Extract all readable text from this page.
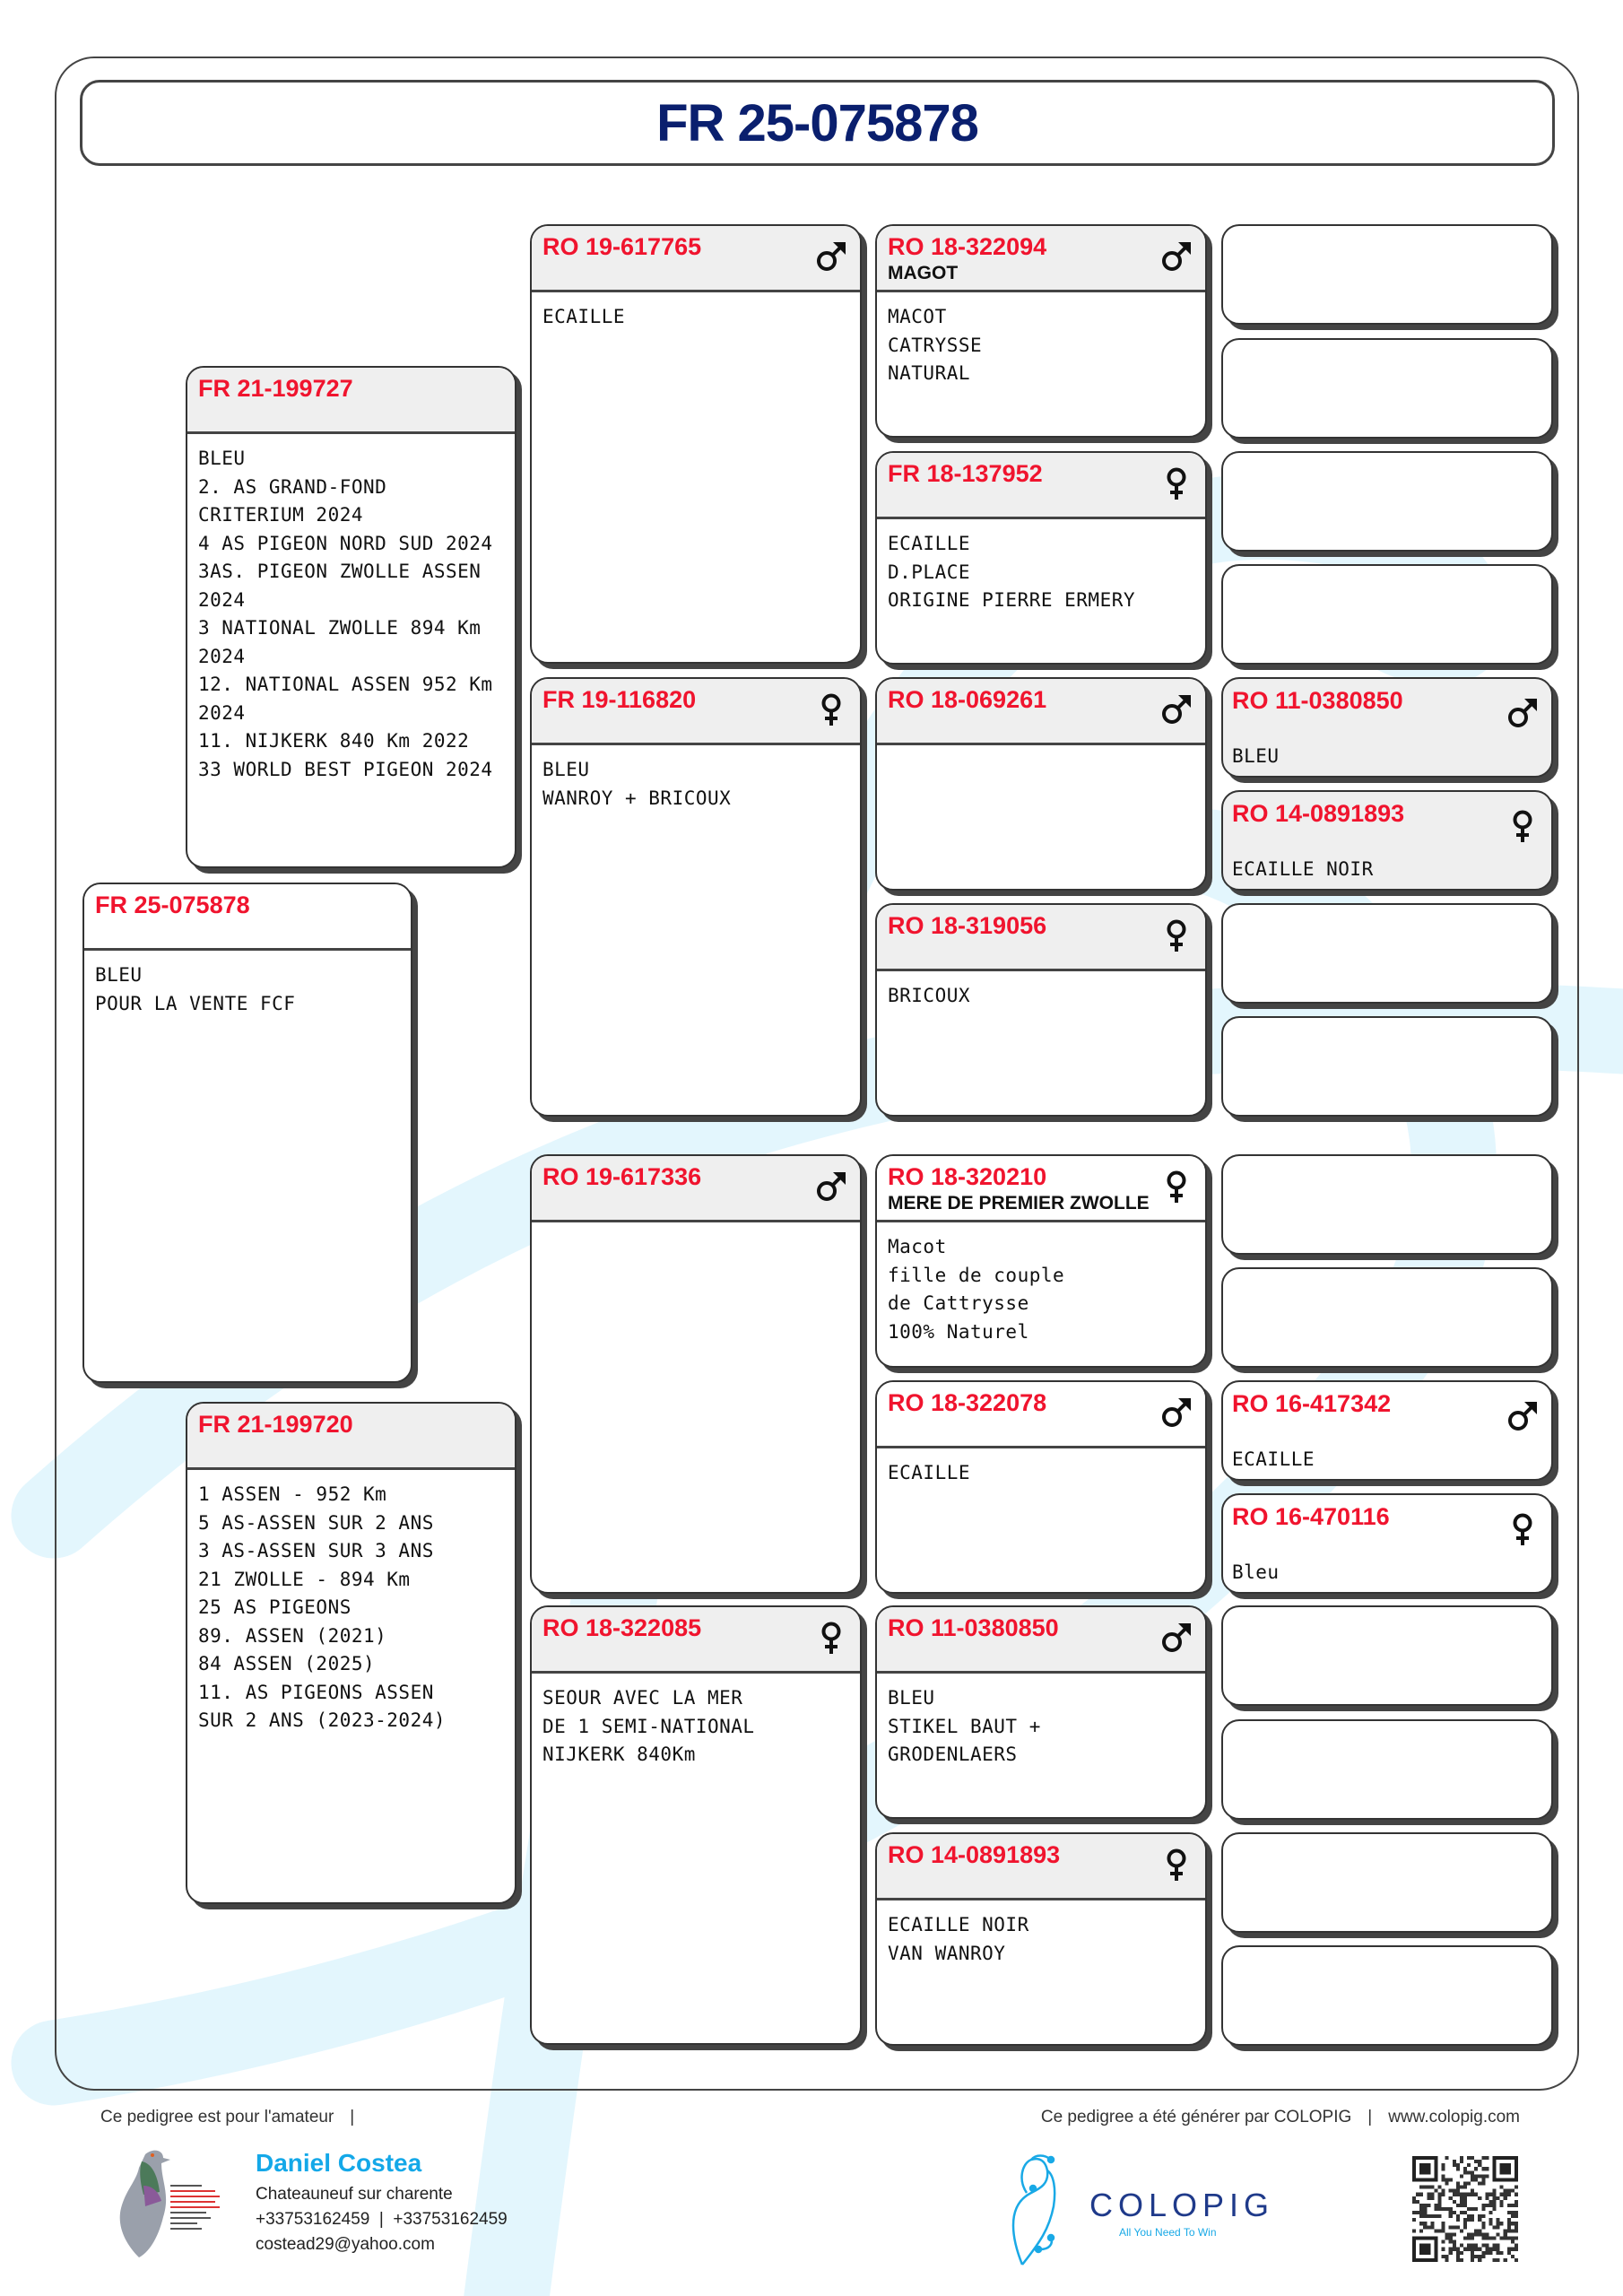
FR 25-075878
FR 25-075878
BLEU
POUR LA VENTE FCF
FR 21-199727
BLEU
2. AS GRAND-FOND
CRITERIUM 2024
4 AS PIGEON NORD SUD 2024
3AS. PIGEON ZWOLLE ASSEN
2024
3 NATIONAL ZWOLLE 894 Km
2024
12. NATIONAL ASSEN 952 Km
2024
11. NIJKERK 840 Km 2022
33 WORLD BEST PIGEON 2024
FR 21-199720
1 ASSEN - 952 Km
5 AS-ASSEN SUR 2 ANS
3 AS-ASSEN SUR 3 ANS
21 ZWOLLE - 894 Km
25 AS PIGEONS
89. ASSEN (2021)
84 ASSEN (2025)
11. AS PIGEONS ASSEN
SUR 2 ANS (2023-2024)
RO 19-617765
ECAILLE
FR 19-116820
BLEU
WANROY + BRICOUX
RO 19-617336
RO 18-322085
SEOUR AVEC LA MER
DE 1 SEMI-NATIONAL
NIJKERK 840Km
RO 18-322094
MAGOT
MACOT
CATRYSSE
NATURAL
FR 18-137952
ECAILLE
D.PLACE
ORIGINE PIERRE ERMERY
RO 18-069261
RO 18-319056
BRICOUX
RO 18-320210
MERE DE PREMIER ZWOLLE
Macot
fille de couple
de Cattrysse
100% Naturel
RO 18-322078
ECAILLE
RO 11-0380850
BLEU
STIKEL BAUT +
GRODENLAERS
RO 14-0891893
ECAILLE NOIR
VAN WANROY
RO 11-0380850
BLEU
RO 14-0891893
ECAILLE NOIR
RO 16-417342
ECAILLE
RO 16-470116
Bleu
Ce pedigree est pour l'amateur |	Ce pedigree a été générer par COLOPIG | www.colopig.com
Daniel Costea
Chateauneuf sur charente
+33753162459  |  +33753162459
costead29@yahoo.com
COLOPIG
All You Need To Win
